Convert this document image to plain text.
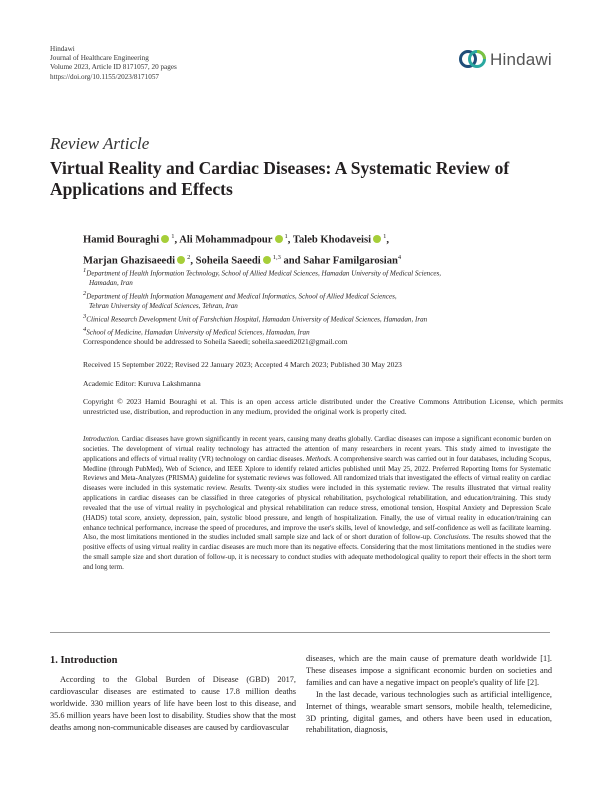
Hindawi
Journal of Healthcare Engineering
Volume 2023, Article ID 8171057, 20 pages
https://doi.org/10.1155/2023/8171057
Hindawi
Review Article
Virtual Reality and Cardiac Diseases: A Systematic Review of Applications and Effects
Hamid Bouraghi iD $^1$, Ali Mohammadpour iD $^1$, Taleb Khodaveisi iD $^1$,
Marjan Ghazisaeedi iD $^2$, Soheila Saeedi iD $^{1,3}$ and Sahar Familgarosian$^4$

$^1$Department of Health Information Technology, School of Allied Medical Sciences, Hamadan University of Medical Sciences,

Hamadan, Iran

$^2$Department of Health Information Management and Medical Informatics, School of Allied Medical Sciences,

Tehran University of Medical Sciences, Tehran, Iran

$^3$Clinical Research Development Unit of Farshchian Hospital, Hamadan University of Medical Sciences, Hamadan, Iran

$^4$School of Medicine, Hamadan University of Medical Sciences, Hamadan, Iran

Correspondence should be addressed to Soheila Saeedi; soheila.saeedi2021@gmail.com
Received 15 September 2022; Revised 22 January 2023; Accepted 4 March 2023; Published 30 May 2023
Academic Editor: Kuruva Lakshmanna
Copyright © 2023 Hamid Bouraghi et al. This is an open access article distributed under the Creative Commons Attribution License, which permits unrestricted use, distribution, and reproduction in any medium, provided the original work is properly cited.
Introduction. Cardiac diseases have grown significantly in recent years, causing many deaths globally. Cardiac diseases can impose a significant economic burden on societies. The development of virtual reality technology has attracted the attention of many researchers in recent years. This study aimed to investigate the applications and effects of virtual reality (VR) technology on cardiac diseases. Methods. A comprehensive search was carried out in four databases, including Scopus, Medline (through PubMed), Web of Science, and IEEE Xplore to identify related articles published until May 25, 2022. Preferred Reporting Items for Systematic Reviews and Meta-Analyzes (PRISMA) guideline for systematic reviews was followed. All randomized trials that investigated the effects of virtual reality on cardiac diseases were included in this systematic review. Results. Twenty-six studies were included in this systematic review. The results illustrated that virtual reality applications in cardiac diseases can be classified in three categories of physical rehabilitation, psychological rehabilitation, and education/training. This study revealed that the use of virtual reality in psychological and physical rehabilitation can reduce stress, emotional tension, Hospital Anxiety and Depression Scale (HADS) total score, anxiety, depression, pain, systolic blood pressure, and length of hospitalization. Finally, the use of virtual reality in education/training can enhance technical performance, increase the speed of procedures, and improve the user's skills, level of knowledge, and self-confidence as well as facilitate learning. Also, the most limitations mentioned in the studies included small sample size and lack of or short duration of follow-up. Conclusions. The results showed that the positive effects of using virtual reality in cardiac diseases are much more than its negative effects. Considering that the most limitations mentioned in the studies were the small sample size and short duration of follow-up, it is necessary to conduct studies with adequate methodological quality to report their effects in the short term and long term.
1. Introduction

According to the Global Burden of Disease (GBD) 2017, cardiovascular diseases are estimated to cause 17.8 million deaths worldwide. 330 million years of life have been lost to this disease, and 35.6 million years have been lost to disability. Studies show that the most deaths among non-communicable diseases are caused by cardiovascular

diseases, which are the main cause of premature death worldwide [1]. These diseases impose a significant economic burden on societies and families and can have a negative impact on people's quality of life [2].

In the last decade, various technologies such as artificial intelligence, Internet of things, wearable smart sensors, mobile health, telemedicine, 3D printing, digital games, and others have been used in education, rehabilitation, diagnosis,
